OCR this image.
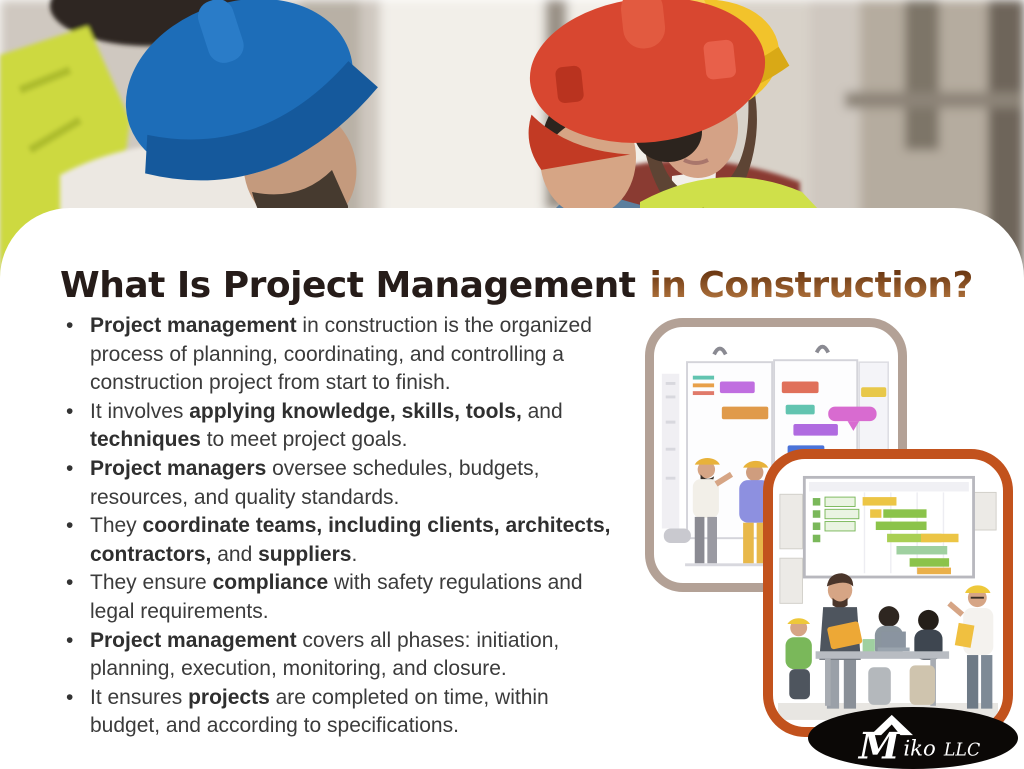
What Is Project Management in Construction?
• Project management in construction is the organized process of planning, coordinating, and controlling a construction project from start to finish.
• It involves applying knowledge, skills, tools, and techniques to meet project goals.
• Project managers oversee schedules, budgets, resources, and quality standards.
• They coordinate teams, including clients, architects, contractors, and suppliers.
• They ensure compliance with safety regulations and legal requirements.
• Project management covers all phases: initiation, planning, execution, monitoring, and closure.
• It ensures projects are completed on time, within budget, and according to specifications.	M iko LLC
